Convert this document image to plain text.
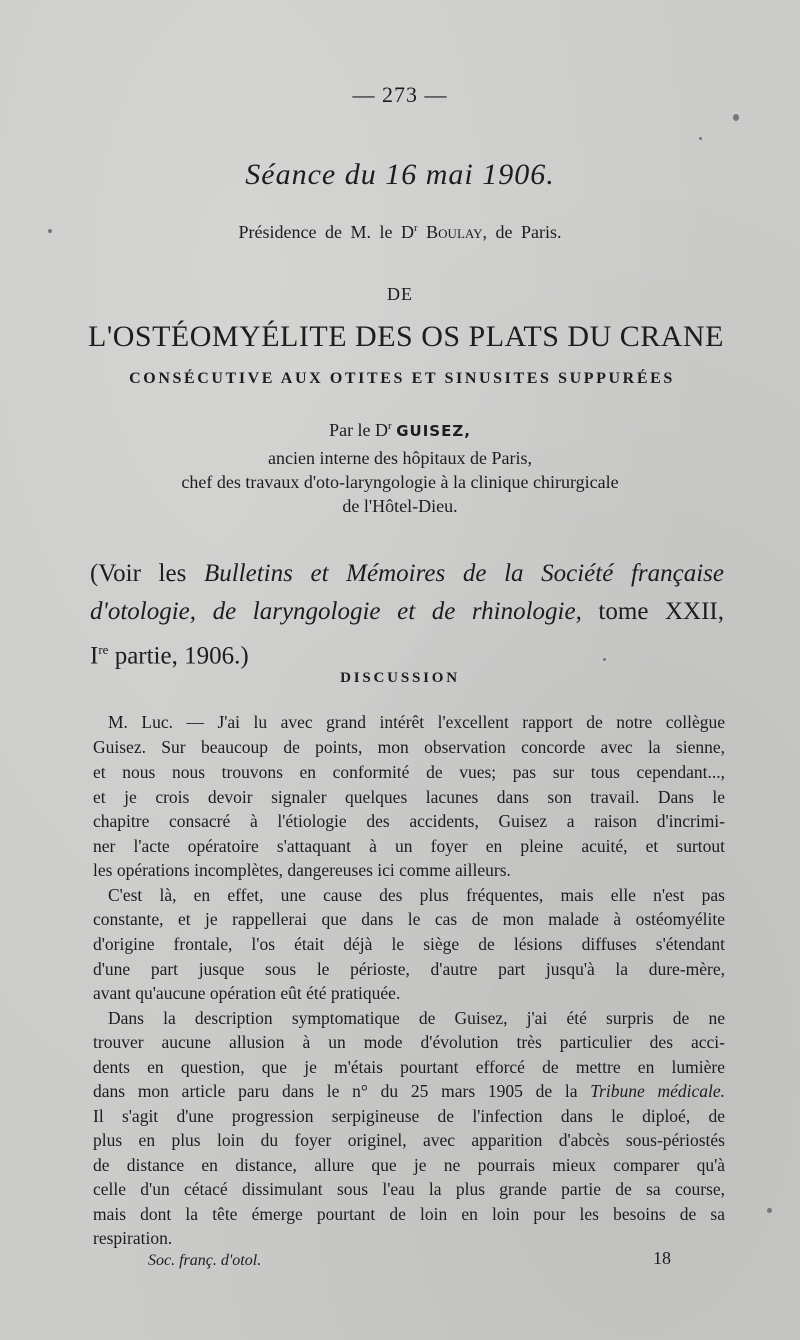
— 273 —
Séance du 16 mai 1906.
Présidence de M. le $D^r$ Boulay, de Paris.
DE
L'OSTÉOMYÉLITE DES OS PLATS DU CRANE
CONSÉCUTIVE AUX OTITES ET SINUSITES SUPPURÉES
Par le $D^r$ GUISEZ,
ancien interne des hôpitaux de Paris,
chef des travaux d'oto-laryngologie à la clinique chirurgicale
de l'Hôtel-Dieu.
(Voir les Bulletins et Mémoires de la Société française
d'otologie, de laryngologie et de rhinologie, tome XXII,
Ire partie, 1906.)
DISCUSSION
M. Luc. — J'ai lu avec grand intérêt l'excellent rapport de notre collègue
Guisez. Sur beaucoup de points, mon observation concorde avec la sienne,
et nous nous trouvons en conformité de vues; pas sur tous cependant...,
et je crois devoir signaler quelques lacunes dans son travail. Dans le
chapitre consacré à l'étiologie des accidents, Guisez a raison d'incrimi-
ner l'acte opératoire s'attaquant à un foyer en pleine acuité, et surtout
les opérations incomplètes, dangereuses ici comme ailleurs.
C'est là, en effet, une cause des plus fréquentes, mais elle n'est pas
constante, et je rappellerai que dans le cas de mon malade à ostéomyélite
d'origine frontale, l'os était déjà le siège de lésions diffuses s'étendant
d'une part jusque sous le périoste, d'autre part jusqu'à la dure-mère,
avant qu'aucune opération eût été pratiquée.
Dans la description symptomatique de Guisez, j'ai été surpris de ne
trouver aucune allusion à un mode d'évolution très particulier des acci-
dents en question, que je m'étais pourtant efforcé de mettre en lumière
dans mon article paru dans le n° du 25 mars 1905 de la Tribune médicale.
Il s'agit d'une progression serpigineuse de l'infection dans le diploé, de
plus en plus loin du foyer originel, avec apparition d'abcès sous-périostés
de distance en distance, allure que je ne pourrais mieux comparer qu'à
celle d'un cétacé dissimulant sous l'eau la plus grande partie de sa course,
mais dont la tête émerge pourtant de loin en loin pour les besoins de sa
respiration.
Soc. franç. d'otol.	18
